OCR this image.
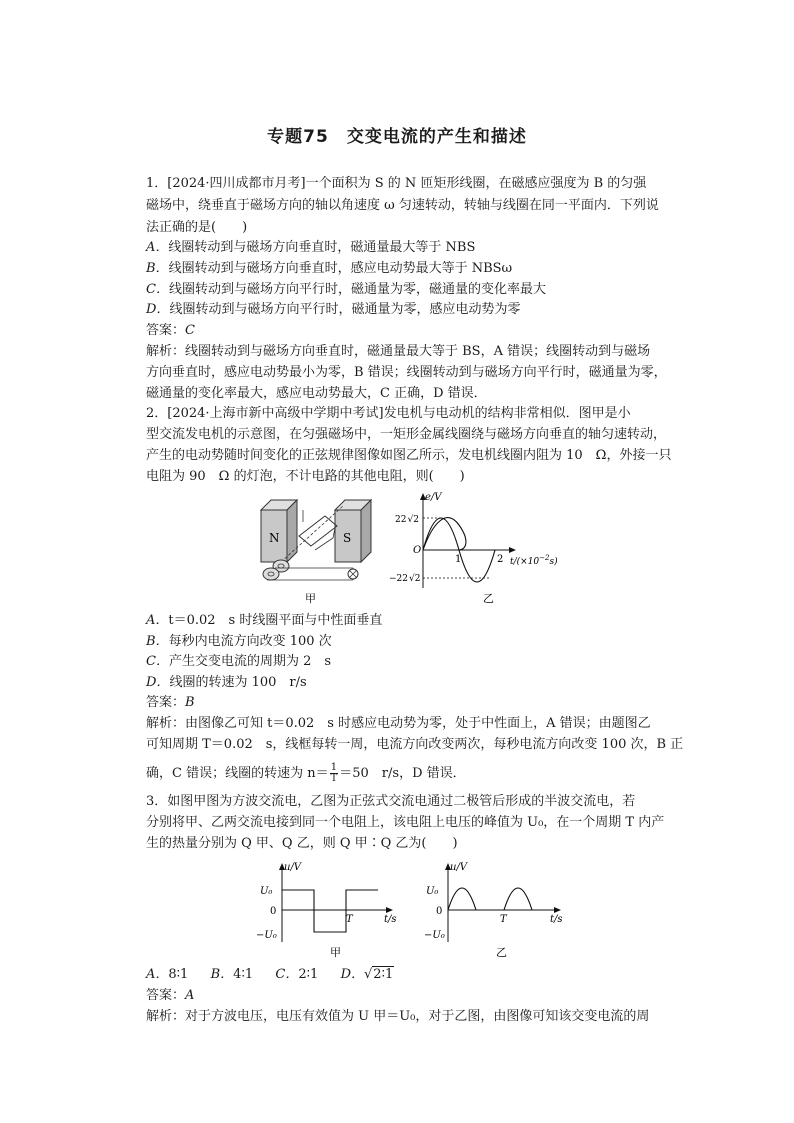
专题75　交变电流的产生和描述
1．[2024·四川成都市月考]一个面积为 S 的 N 匝矩形线圈，在磁感应强度为 B 的匀强
磁场中，绕垂直于磁场方向的轴以角速度 ω 匀速转动，转轴与线圈在同一平面内．下列说
法正确的是(　　)
A．线圈转动到与磁场方向垂直时，磁通量最大等于 NBS
B．线圈转动到与磁场方向垂直时，感应电动势最大等于 NBSω
C．线圈转动到与磁场方向平行时，磁通量为零，磁通量的变化率最大
D．线圈转动到与磁场方向平行时，磁通量为零，感应电动势为零
答案：C
解析：线圈转动到与磁场方向垂直时，磁通量最大等于 BS，A 错误；线圈转动到与磁场
方向垂直时，感应电动势最小为零，B 错误；线圈转动到与磁场方向平行时，磁通量为零，
磁通量的变化率最大，感应电动势最大，C 正确，D 错误．
2．[2024·上海市新中高级中学期中考试]发电机与电动机的结构非常相似．图甲是小
型交流发电机的示意图，在匀强磁场中，一矩形金属线圈绕与磁场方向垂直的轴匀速转动，
产生的电动势随时间变化的正弦规律图像如图乙所示，发电机线圈内阻为 10　Ω，外接一只
电阻为 90　Ω 的灯泡，不计电路的其他电阻，则(　　)
N	S
甲
e/V
O
22√2
−22√2
1	2 $t/(\times 10^{-2}s)$
乙
A．t＝0.02　s 时线圈平面与中性面垂直
B．每秒内电流方向改变 100 次
C．产生交变电流的周期为 2　s
D．线圈的转速为 100　r/s
答案：B
解析：由图像乙可知 t＝0.02　s 时感应电动势为零，处于中性面上，A 错误；由题图乙
可知周期 T＝0.02　s，线框每转一周，电流方向改变两次，每秒电流方向改变 100 次，B 正
确，C 错误；线圈的转速为 $n= \frac{1}{T} =50$　r/s，D 错误．
3．如图甲图为方波交流电，乙图为正弦式交流电通过二极管后形成的半波交流电，若
分别将甲、乙两交流电接到同一个电阻上，该电阻上电压的峰值为 U₀，在一个周期 T 内产
生的热量分别为 Q 甲、Q 乙，则 Q 甲∶Q 乙为(　　)
u/V
U₀
0
−U₀
T	t/s
甲
u/V
U₀
0
−U₀
T	t/s
乙
A．8∶1 B．4∶1 C．2∶1 D．√2∶1
答案：A
解析：对于方波电压，电压有效值为 U 甲＝U₀，对于乙图，由图像可知该交变电流的周
